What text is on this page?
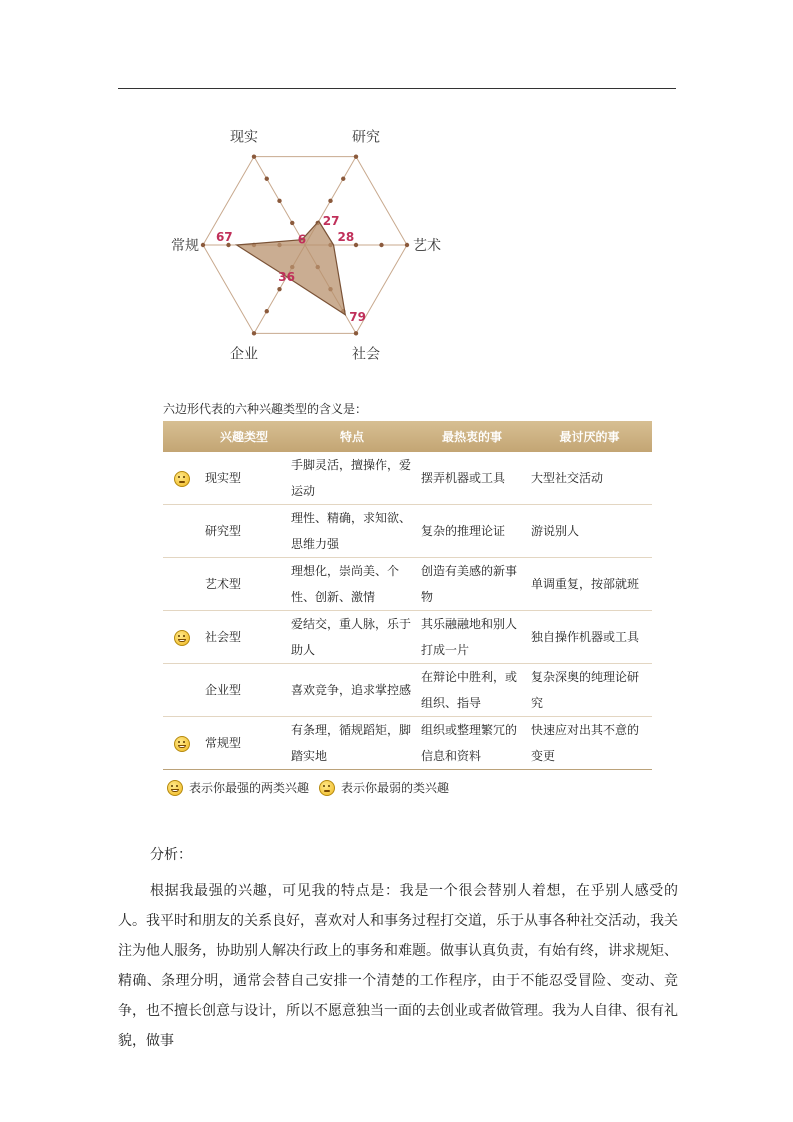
现实	研究
艺术
社会
企业
常规	6
27
28
79
36
67
六边形代表的六种兴趣类型的含义是：
	兴趣类型	特点	最热衷的事	最讨厌的事
	现实型	手脚灵活，擅操作，爱运动	摆弄机器或工具	大型社交活动
	研究型	理性、精确，求知欲、思维力强	复杂的推理论证	游说别人
	艺术型	理想化，崇尚美、个性、创新、激情	创造有美感的新事物	单调重复，按部就班
	社会型	爱结交，重人脉，乐于助人	其乐融融地和别人打成一片	独自操作机器或工具
	企业型	喜欢竞争，追求掌控感	在辩论中胜利，或组织、指导	复杂深奥的纯理论研究
	常规型	有条理，循规蹈矩，脚踏实地	组织或整理繁冗的信息和资料	快速应对出其不意的变更
表示你最强的两类兴趣	表示你最弱的类兴趣
分析：

根据我最强的兴趣，可见我的特点是：我是一个很会替别人着想，在乎别人感受的人。我平时和朋友的关系良好，喜欢对人和事务过程打交道，乐于从事各种社交活动，我关注为他人服务，协助别人解决行政上的事务和难题。做事认真负责，有始有终，讲求规矩、精确、条理分明，通常会替自己安排一个清楚的工作程序，由于不能忍受冒险、变动、竞争，也不擅长创意与设计，所以不愿意独当一面的去创业或者做管理。我为人自律、很有礼貌，做事
